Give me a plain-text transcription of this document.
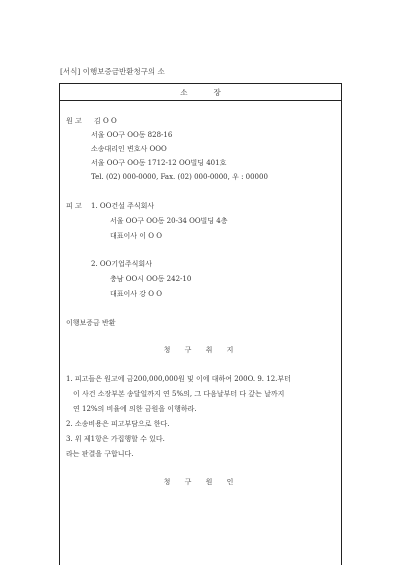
[서식] 이행보증금반환청구의 소
소	장
원 고 김 O O
서울 OO구 OO동 828-16
소송대리인 변호사 OOO
서울 OO구 OO동 1712-12 OO빌딩 401호
Tel. (02) 000-0000, Fax. (02) 000-0000, 우 : 00000
피 고 1. OO건설 주식회사
서울 OO구 OO동 20-34 OO빌딩 4층
대표이사 이 O O
2. OO기업주식회사
충남 OO시 OO동 242-10
대표이사 강 O O
이행보증금 반환
청 구 취 지
1. 피고들은 원고에 금200,000,000원 및 이에 대하여 200O. 9. 12.부터
이 사건 소장부본 송달일까지 연 5%의, 그 다음날부터 다 갚는 날까지
연 12%의 비율에 의한 금원을 이행하라.
2. 소송비용은 피고부담으로 한다.
3. 위 제1항은 가집행할 수 있다.
라는 판결을 구합니다.
청 구 원 인
